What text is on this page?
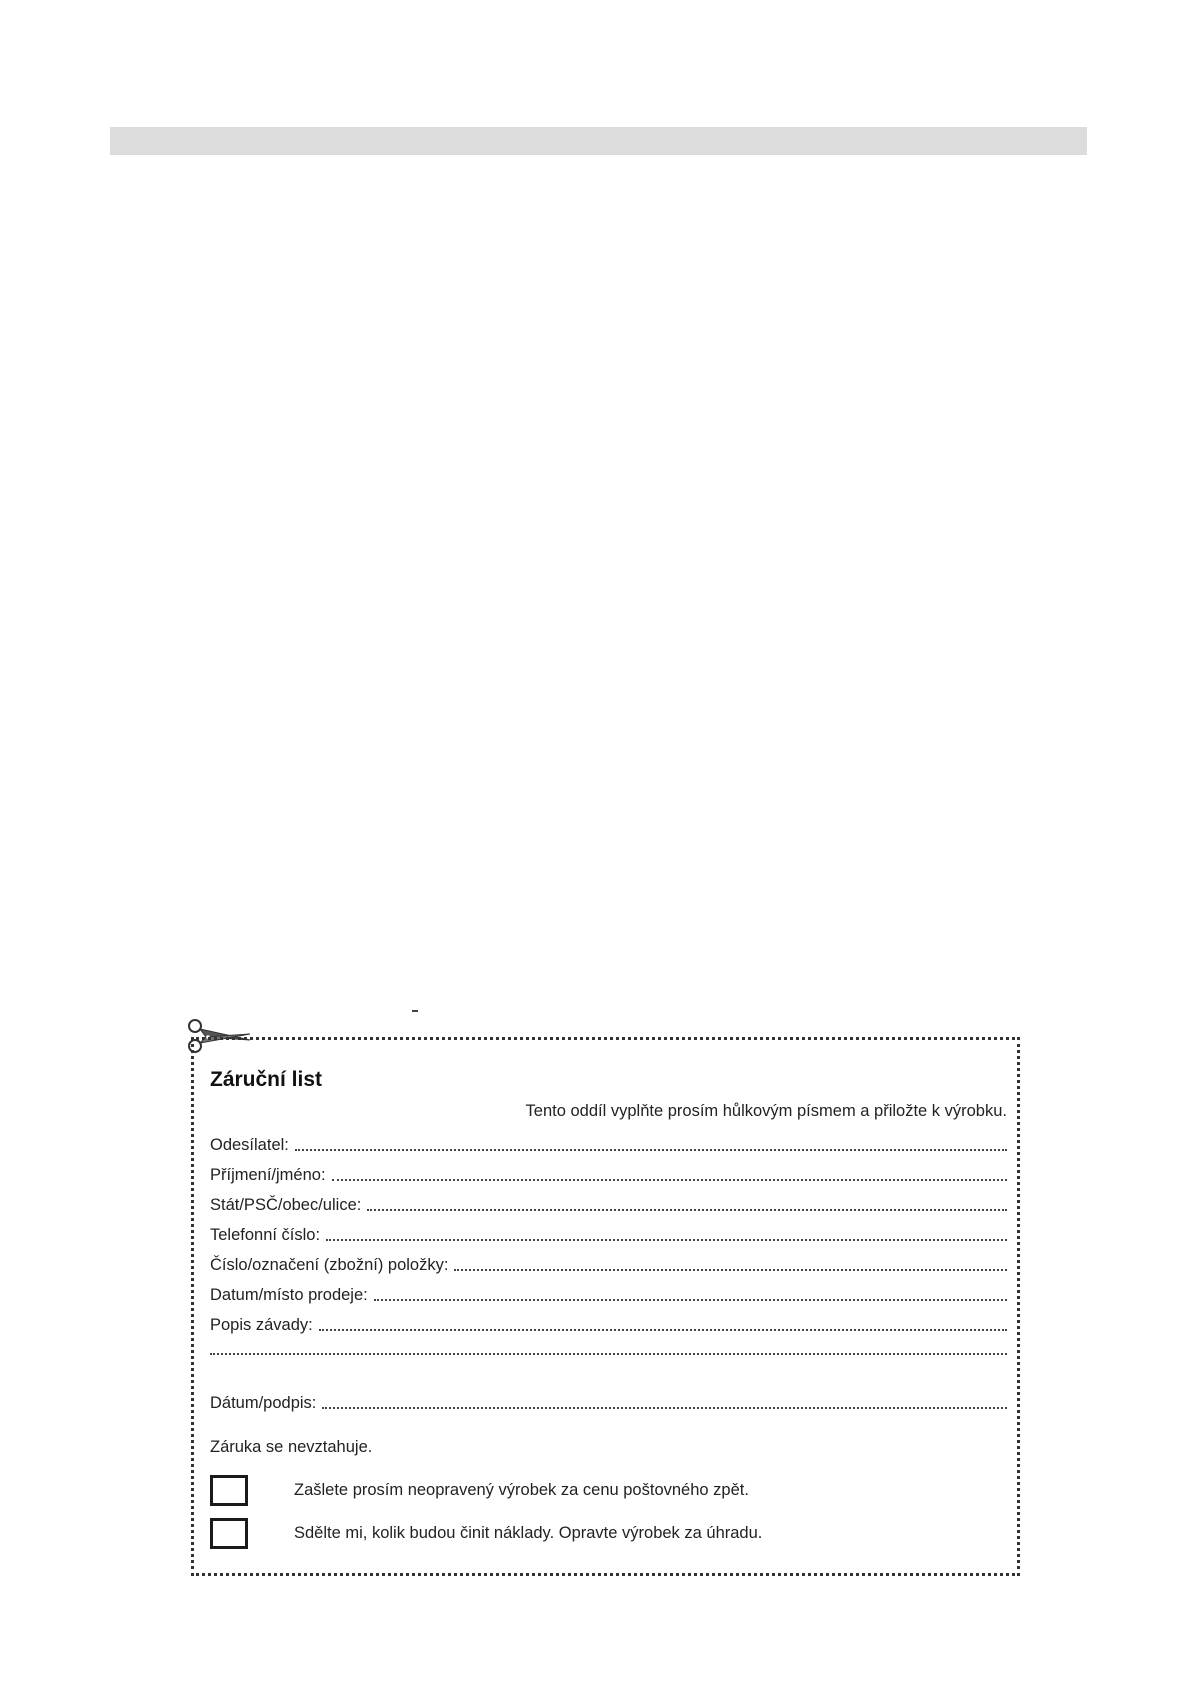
Záruční list
Tento oddíl vyplňte prosím hůlkovým písmem a přiložte k výrobku.
Odesílatel:
Příjmení/jméno:
Stát/PSČ/obec/ulice:
Telefonní číslo:
Číslo/označení (zbožní) položky:
Datum/místo prodeje:
Popis závady:
Dátum/podpis:
Záruka se nevztahuje.
Zašlete prosím neopravený výrobek za cenu poštovného zpět.
Sdělte mi, kolik budou činit náklady. Opravte výrobek za úhradu.
